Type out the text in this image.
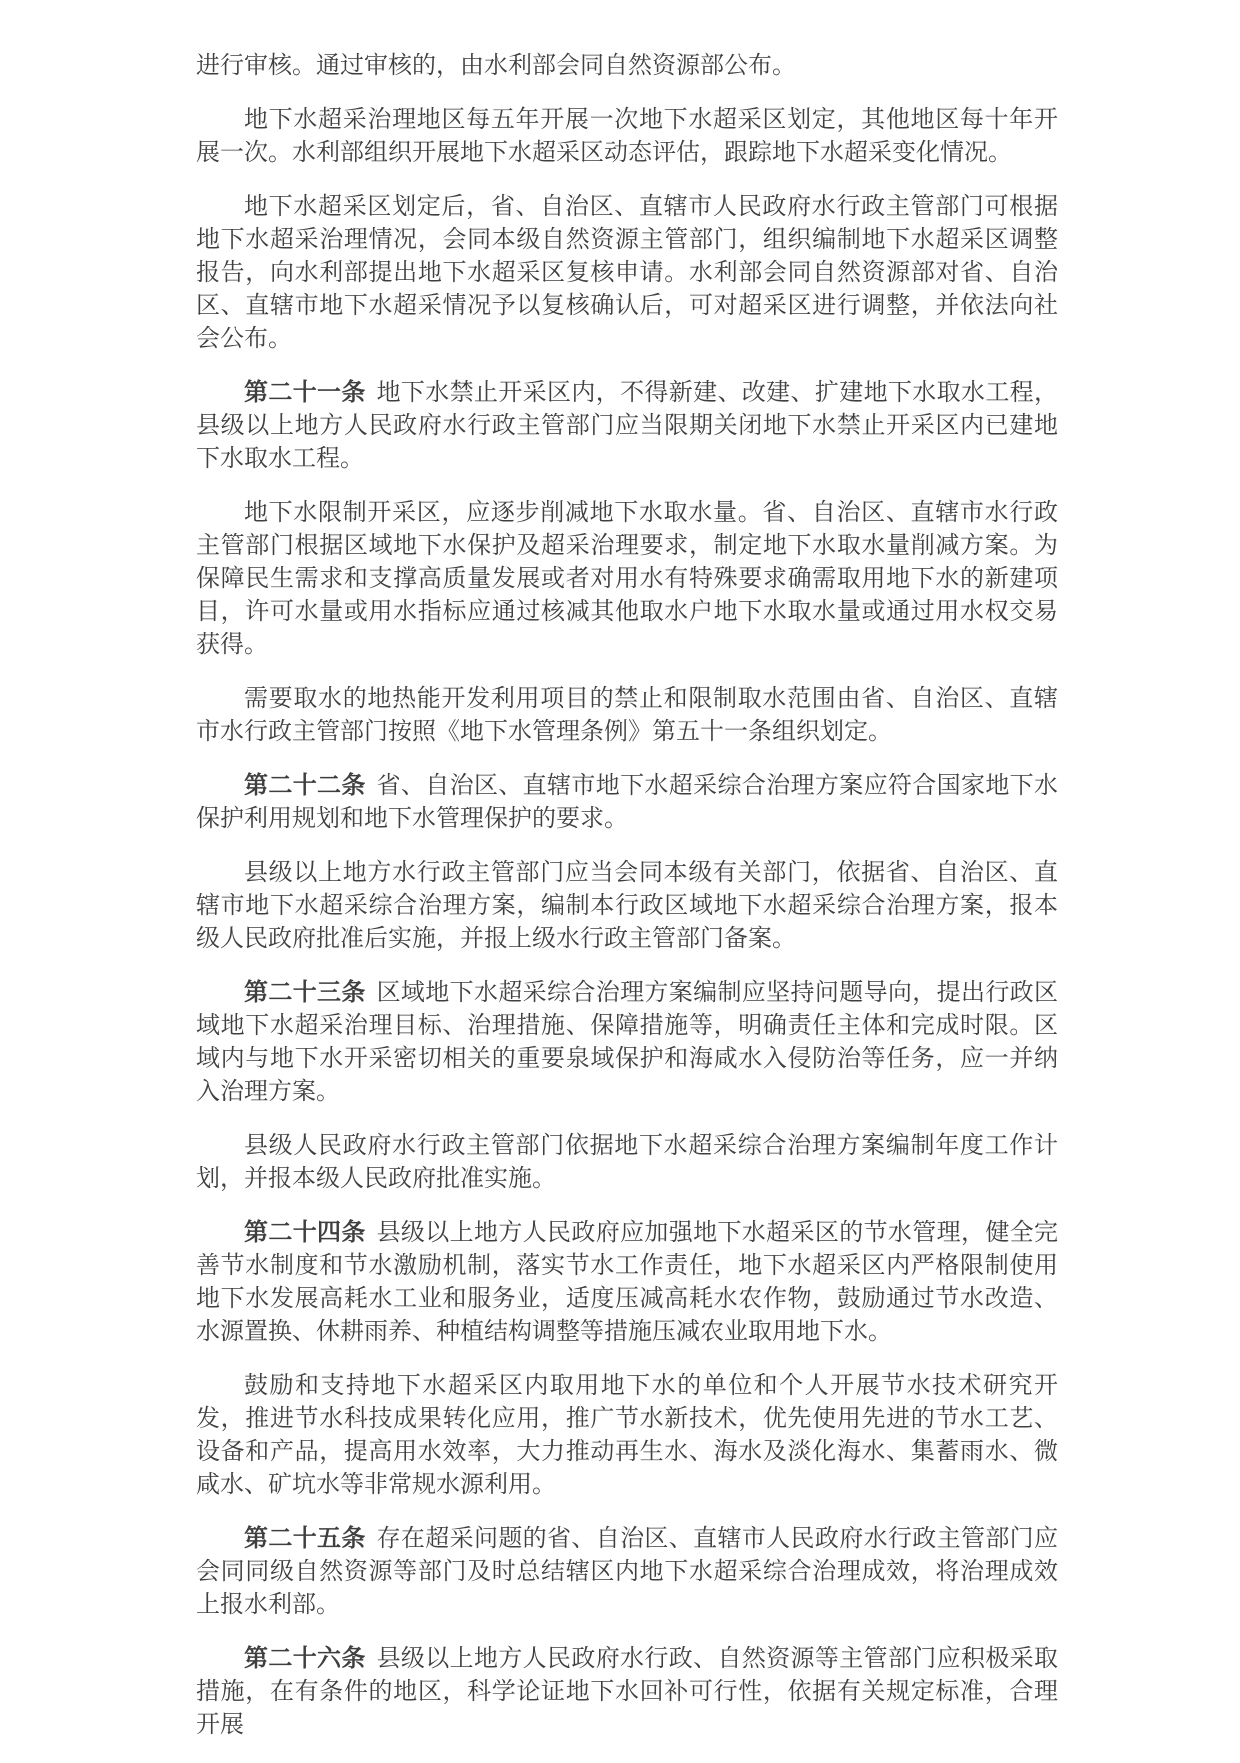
进行审核。通过审核的，由水利部会同自然资源部公布。

地下水超采治理地区每五年开展一次地下水超采区划定，其他地区每十年开展一次。水利部组织开展地下水超采区动态评估，跟踪地下水超采变化情况。

地下水超采区划定后，省、自治区、直辖市人民政府水行政主管部门可根据地下水超采治理情况，会同本级自然资源主管部门，组织编制地下水超采区调整报告，向水利部提出地下水超采区复核申请。水利部会同自然资源部对省、自治区、直辖市地下水超采情况予以复核确认后，可对超采区进行调整，并依法向社会公布。

第二十一条 地下水禁止开采区内，不得新建、改建、扩建地下水取水工程，县级以上地方人民政府水行政主管部门应当限期关闭地下水禁止开采区内已建地下水取水工程。

地下水限制开采区，应逐步削减地下水取水量。省、自治区、直辖市水行政主管部门根据区域地下水保护及超采治理要求，制定地下水取水量削减方案。为保障民生需求和支撑高质量发展或者对用水有特殊要求确需取用地下水的新建项目，许可水量或用水指标应通过核减其他取水户地下水取水量或通过用水权交易获得。

需要取水的地热能开发利用项目的禁止和限制取水范围由省、自治区、直辖市水行政主管部门按照《地下水管理条例》第五十一条组织划定。

第二十二条 省、自治区、直辖市地下水超采综合治理方案应符合国家地下水保护利用规划和地下水管理保护的要求。

县级以上地方水行政主管部门应当会同本级有关部门，依据省、自治区、直辖市地下水超采综合治理方案，编制本行政区域地下水超采综合治理方案，报本级人民政府批准后实施，并报上级水行政主管部门备案。

第二十三条 区域地下水超采综合治理方案编制应坚持问题导向，提出行政区域地下水超采治理目标、治理措施、保障措施等，明确责任主体和完成时限。区域内与地下水开采密切相关的重要泉域保护和海咸水入侵防治等任务，应一并纳入治理方案。

县级人民政府水行政主管部门依据地下水超采综合治理方案编制年度工作计划，并报本级人民政府批准实施。

第二十四条 县级以上地方人民政府应加强地下水超采区的节水管理，健全完善节水制度和节水激励机制，落实节水工作责任，地下水超采区内严格限制使用地下水发展高耗水工业和服务业，适度压减高耗水农作物，鼓励通过节水改造、水源置换、休耕雨养、种植结构调整等措施压减农业取用地下水。

鼓励和支持地下水超采区内取用地下水的单位和个人开展节水技术研究开发，推进节水科技成果转化应用，推广节水新技术，优先使用先进的节水工艺、设备和产品，提高用水效率，大力推动再生水、海水及淡化海水、集蓄雨水、微咸水、矿坑水等非常规水源利用。

第二十五条 存在超采问题的省、自治区、直辖市人民政府水行政主管部门应会同同级自然资源等部门及时总结辖区内地下水超采综合治理成效，将治理成效上报水利部。

第二十六条 县级以上地方人民政府水行政、自然资源等主管部门应积极采取措施，在有条件的地区，科学论证地下水回补可行性，依据有关规定标准，合理开展
